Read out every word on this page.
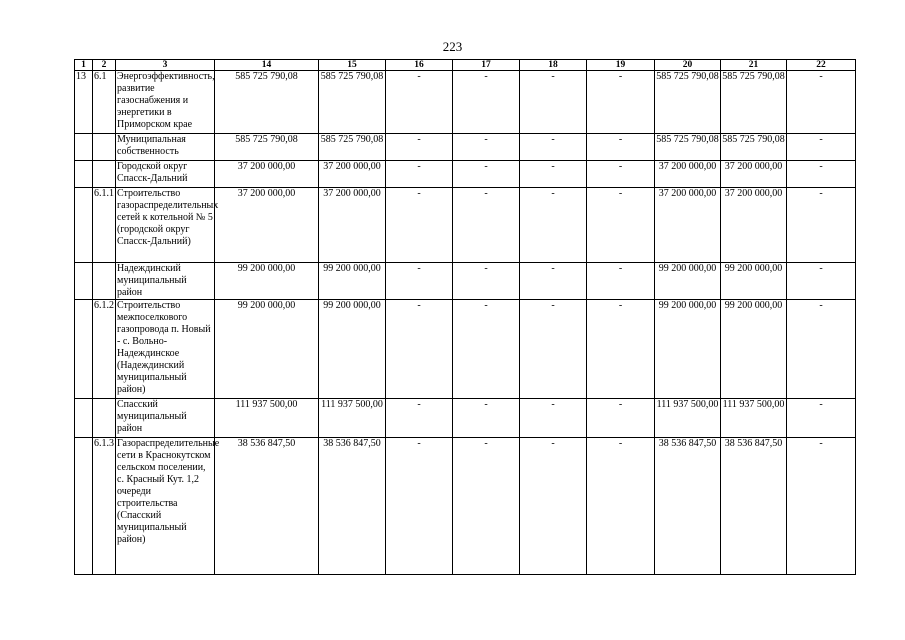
223
1	2	3	14	15	16	17	18	19	20	21	22
13	6.1	Энергоэффективность, развитие газоснабжения и энергетики в Приморском крае	585 725 790,08	585 725 790,08	-	-	-	-	585 725 790,08	585 725 790,08	-
		Муниципальная собственность	585 725 790,08	585 725 790,08	-	-	-	-	585 725 790,08	585 725 790,08	-
		Городской округ Спасск-Дальний	37 200 000,00	37 200 000,00	-	-	-	-	37 200 000,00	37 200 000,00	-
	6.1.1	Строительство газораспределительных сетей к котельной № 5 (городской округ Спасск-Дальний)	37 200 000,00	37 200 000,00	-	-	-	-	37 200 000,00	37 200 000,00	-
		Надеждинский муниципальный район	99 200 000,00	99 200 000,00	-	-	-	-	99 200 000,00	99 200 000,00	-
	6.1.2	Строительство межпоселкового газопровода п. Новый - с. Вольно-Надеждинское (Надеждинский муниципальный район)	99 200 000,00	99 200 000,00	-	-	-	-	99 200 000,00	99 200 000,00	-
		Спасский муниципальный район	111 937 500,00	111 937 500,00	-	-	-	-	111 937 500,00	111 937 500,00	-
	6.1.3	Газораспределительные сети в Краснокутском сельском поселении, с. Красный Кут. 1,2 очереди строительства (Спасский муниципальный район)	38 536 847,50	38 536 847,50	-	-	-	-	38 536 847,50	38 536 847,50	-
